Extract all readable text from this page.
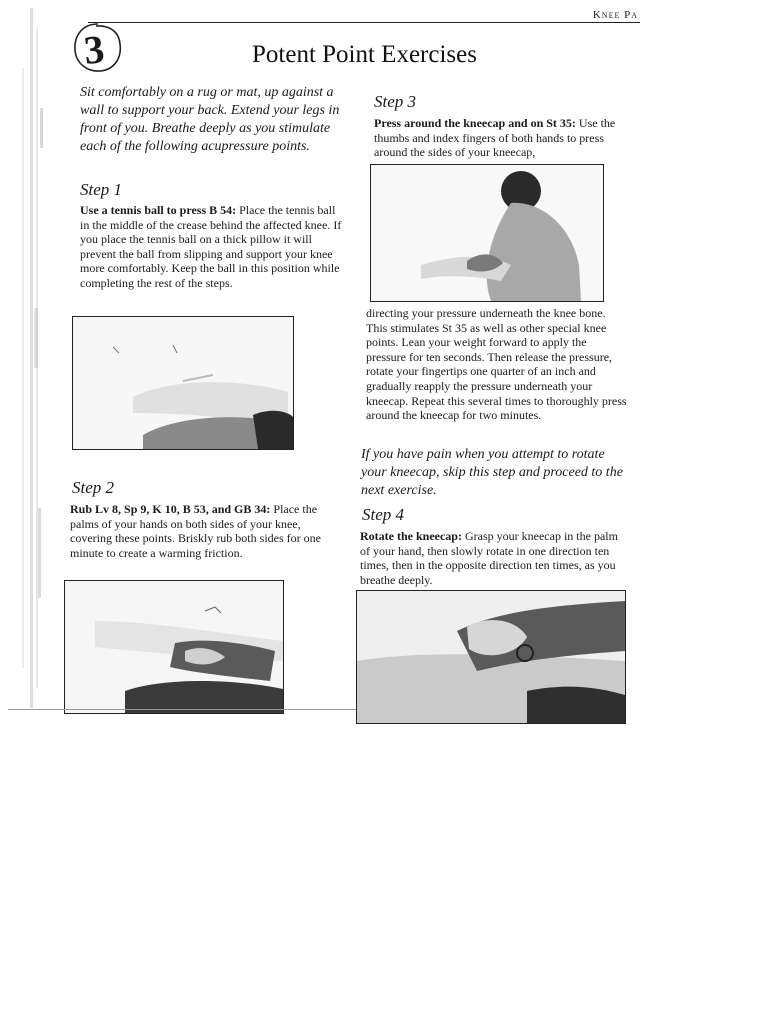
Knee Pa
3	Potent Point Exercises
Sit comfortably on a rug or mat, up against a wall to support your back. Extend your legs in front of you. Breathe deeply as you stimulate each of the following acupressure points.
Step 1
Use a tennis ball to press B 54: Place the tennis ball in the middle of the crease behind the affected knee. If you place the tennis ball on a thick pillow it will prevent the ball from slipping and support your knee more comfortably. Keep the ball in this position while completing the rest of the steps.
Step 2
Rub Lv 8, Sp 9, K 10, B 53, and GB 34: Place the palms of your hands on both sides of your knee, covering these points. Briskly rub both sides for one minute to create a warming friction.
Step 3
Press around the kneecap and on St 35: Use the thumbs and index fingers of both hands to press around the sides of your kneecap,
directing your pressure underneath the knee bone. This stimulates St 35 as well as other special knee points. Lean your weight forward to apply the pressure for ten seconds. Then release the pressure, rotate your fingertips one quarter of an inch and gradually reapply the pressure underneath your kneecap. Repeat this several times to thoroughly press around the kneecap for two minutes.
If you have pain when you attempt to rotate your kneecap, skip this step and proceed to the next exercise.
Step 4
Rotate the kneecap: Grasp your kneecap in the palm of your hand, then slowly rotate in one direction ten times, then in the opposite direction ten times, as you breathe deeply.
